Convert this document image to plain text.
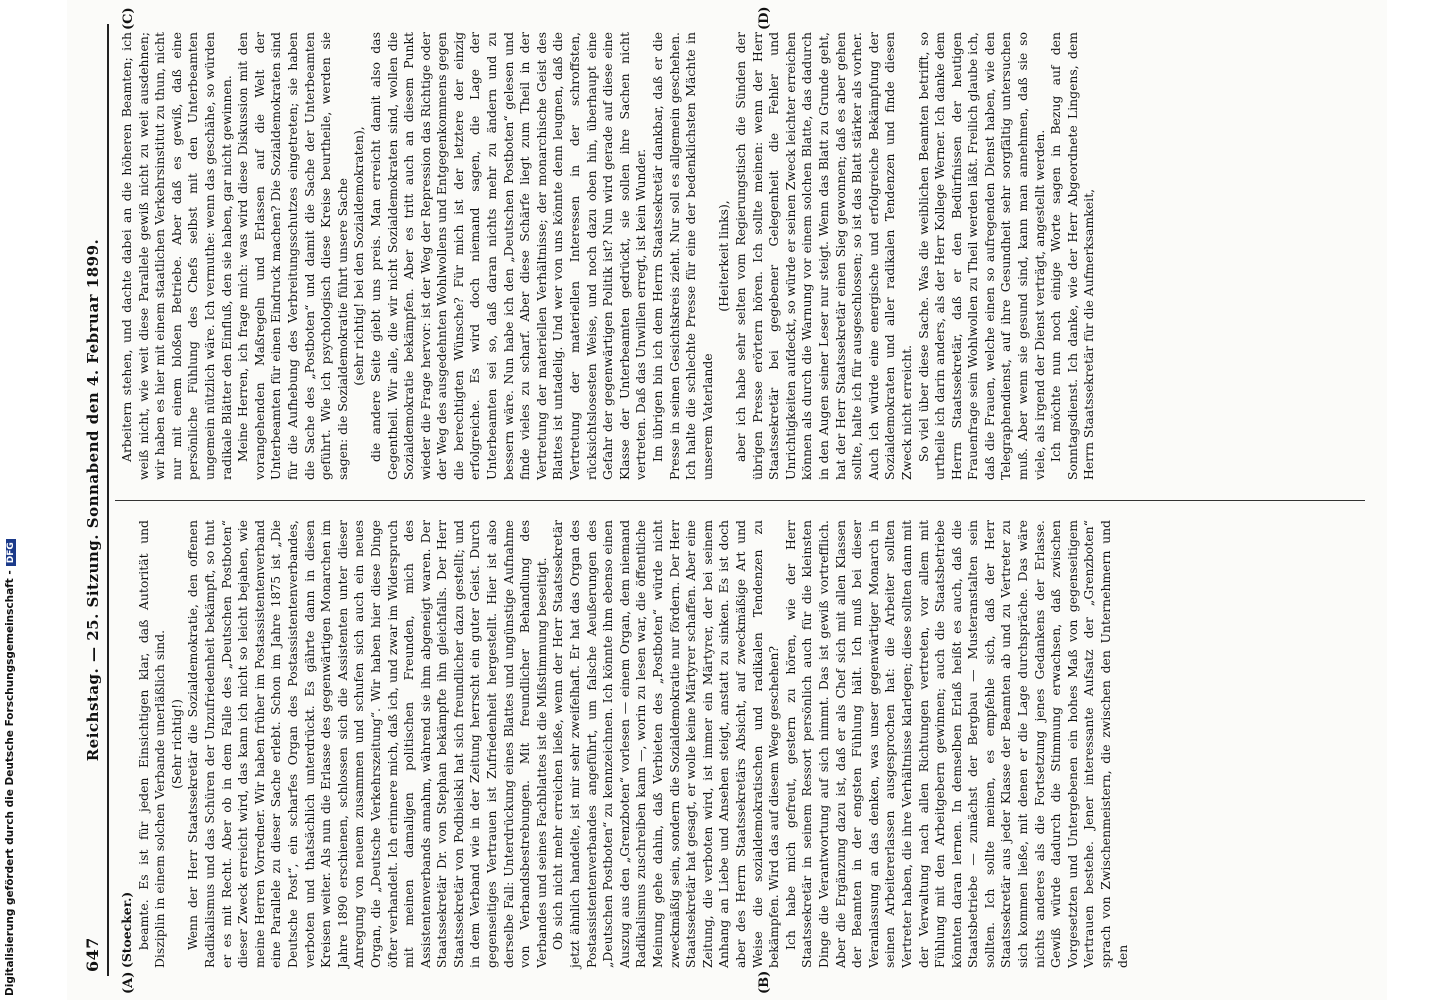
Reichstag. — 25. Sitzung. Sonnabend den 4. Februar 1899.
647 (Stoecker.) beamte. Es ist für jeden Einsichtigen klar, daß Autorität und Disziplin in einem solchen Verbande unerläßlich sind. (Sehr richtig!) Wenn der Herr Staatssekretär die Sozialdemokratie, den offenen Radikalismus und das Schüren der Unzufriedenheit bekämpft, so thut er es mit Recht. Aber ob in dem Falle des „Deutschen Postboten“ dieser Zweck erreicht wird, das kann ich nicht so leicht bejahen, wie meine Herren Vorredner. Wir haben früher im Postassistentenverband eine Parallele zu dieser Sache erlebt. Schon im Jahre 1875 ist „Die Deutsche Post“, ein scharfes Organ des Postassistentenverbandes, verboten und thatsächlich unterdrückt. Es gährte dann in diesen Kreisen weiter. Als nun die Erlasse des gegenwärtigen Monarchen im Jahre 1890 erschienen, schlossen sich die Assistenten unter dieser Anregung von neuem zusammen und schufen sich auch ein neues Organ, die „Deutsche Verkehrszeitung“. Wir haben hier diese Dinge öfter verhandelt. Ich erinnere mich, daß ich, und zwar im Widerspruch mit meinen damaligen politischen Freunden, mich des Assistentenverbands annahm, während sie ihm abgeneigt waren. Der Staatssekretär Dr. von Stephan bekämpfte ihn gleichfalls. Der Herr Staatssekretär von Podbielski hat sich freundlicher dazu gestellt; und in dem Verband wie in der Zeitung herrscht ein guter Geist. Durch gegenseitiges Vertrauen ist Zufriedenheit hergestellt. Hier ist also derselbe Fall: Unterdrückung eines Blattes und ungünstige Aufnahme von Verbandsbestrebungen. Mit freundlicher Behandlung des Verbandes und seines Fachblattes ist die Mißstimmung beseitigt. Ob sich nicht mehr erreichen ließe, wenn der Herr Staatssekretär jetzt ähnlich handelte, ist mir sehr zweifelhaft. Er hat das Organ des Postassistentenverbandes angeführt, um falsche Aeußerungen des „Deutschen Postboten“ zu kennzeichnen. Ich könnte ihm ebenso einen Auszug aus den „Grenzboten“ vorlesen — einem Organ, dem niemand Radikalismus zuschreiben kann —, worin zu lesen war, die öffentliche Meinung gehe dahin, daß Verbieten des „Postboten“ würde nicht zweckmäßig sein, sondern die Sozialdemokratie nur fördern. Der Herr Staatssekretär hat gesagt, er wolle keine Märtyrer schaffen. Aber eine Zeitung, die verboten wird, ist immer ein Märtyrer, der bei seinem Anhang an Liebe und Ansehen steigt, anstatt zu sinken. Es ist doch aber des Herrn Staatssekretärs Absicht, auf zweckmäßige Art und Weise die sozialdemokratischen und radikalen Tendenzen zu bekämpfen. Wird das auf diesem Wege geschehen? Ich habe mich gefreut, gestern zu hören, wie der Herr Staatssekretär in seinem Ressort persönlich auch für die kleinsten Dinge die Verantwortung auf sich nimmt. Das ist gewiß vortrefflich. Aber die Ergänzung dazu ist, daß er als Chef sich mit allen Klassen der Beamten in der engsten Fühlung hält. Ich muß bei dieser Veranlassung an das denken, was unser gegenwärtiger Monarch in seinen Arbeitererlassen ausgesprochen hat: die Arbeiter sollten Vertreter haben, die ihre Verhältnisse klarlegen; diese sollten dann mit der Verwaltung nach allen Richtungen vertreten, vor allem mit Fühlung mit den Arbeitgebern gewinnen; auch die Staatsbetriebe könnten daran lernen. In demselben Erlaß heißt es auch, daß die Staatsbetriebe — zunächst der Bergbau — Musteranstalten sein sollten. Ich sollte meinen, es empfehle sich, daß der Herr Staatssekretär aus jeder Klasse der Beamten ab und zu Vertreter zu sich kommen ließe, mit denen er die Lage durchspräche. Das wäre nichts anderes als die Fortsetzung jenes Gedankens der Erlasse. Gewiß würde dadurch die Stimmung erwachsen, daß zwischen Vorgesetzten und Untergebenen ein hohes Maß von gegenseitigem Vertrauen bestehe. Jener interessante Aufsatz der „Grenzboten“ sprach von Zwischenmeistern, die zwischen den Unternehmern und den

Arbeitern stehen, und dachte dabei an die höheren Beamten; ich weiß nicht, wie weit diese Parallele gewiß nicht zu weit ausdehnen; wir haben es hier mit einem staatlichen Verkehrsinstitut zu thun, nicht nur mit einem bloßen Betriebe. Aber daß es gewiß, daß eine persönliche Fühlung des Chefs selbst mit den Unterbeamten ungemein nützlich wäre. Ich vermuthe: wenn das geschähe, so würden radikale Blätter den Einfluß, den sie haben, gar nicht gewinnen. Meine Herren, ich frage mich: was wird diese Diskussion mit den vorangehenden Maßregeln und Erlassen auf die Welt der Unterbeamten für einen Eindruck machen? Die Sozialdemokraten sind für die Aufhebung des Verbreitungsschutzes eingetreten; sie haben die Sache des „Postboten“ und damit die Sache der Unterbeamten geführt. Wie ich psychologisch diese Kreise beurtheile, werden sie sagen: die Sozialdemokratie führt unsere Sache (sehr richtig! bei den Sozialdemokraten), die andere Seite giebt uns preis. Man erreicht damit also das Gegentheil. Wir alle, die wir nicht Sozialdemokraten sind, wollen die Sozialdemokratie bekämpfen. Aber es tritt auch an diesem Punkt wieder die Frage hervor: ist der Weg der Repression das Richtige oder der Weg des ausgedehnten Wohlwollens und Entgegenkommens gegen die berechtigten Wünsche? Für mich ist der letztere der einzig erfolgreiche. Es wird doch niemand sagen, die Lage der Unterbeamten sei so, daß daran nichts mehr zu ändern und zu bessern wäre. Nun habe ich den „Deutschen Postboten“ gelesen und finde vieles zu scharf. Aber diese Schärfe liegt zum Theil in der Vertretung der materiellen Verhältnisse; der monarchische Geist des Blattes ist untadelig. Und wer von uns könnte denn leugnen, daß die Vertretung der materiellen Interessen in der schroffsten, rücksichtslosesten Weise, und noch dazu oben hin, überhaupt eine Gefahr der gegenwärtigen Politik ist? Nun wird gerade auf diese eine Klasse der Unterbeamten gedrückt, sie sollen ihre Sachen nicht vertreten. Daß das Unwillen erregt, ist kein Wunder. Im übrigen bin ich dem Herrn Staatssekretär dankbar, daß er die Presse in seinen Gesichtskreis zieht. Nur soll es allgemein geschehen. Ich halte die schlechte Presse für eine der bedenklichsten Mächte in unserem Vaterlande

(Heiterkeit links), aber ich habe sehr selten vom Regierungstisch die Sünden der übrigen Presse erörtern hören. Ich sollte meinen: wenn der Herr Staatssekretär bei gegebener Gelegenheit die Fehler und Unrichtigkeiten aufdeckt, so würde er seinen Zweck leichter erreichen können als durch die Warnung vor einem solchen Blatte, das dadurch in den Augen seiner Leser nur steigt. Wenn das Blatt zu Grunde geht, hat der Herr Staatssekretär einen Sieg gewonnen; daß es aber gehen sollte, halte ich für ausgeschlossen; so ist das Blatt stärker als vorher. Auch ich würde eine energische und erfolgreiche Bekämpfung der Sozialdemokraten und aller radikalen Tendenzen und finde diesen Zweck nicht erreicht. So viel über diese Sache. Was die weiblichen Beamten betrifft, so urtheile ich darin anders, als der Herr Kollege Werner. Ich danke dem Herrn Staatssekretär, daß er den Bedürfnissen der heutigen Frauenfrage sein Wohlwollen zu Theil werden läßt. Freilich glaube ich, daß die Frauen, welche einen so aufregenden Dienst haben, wie den Telegraphendienst, auf ihre Gesundheit sehr sorgfältig untersuchen muß. Aber wenn sie gesund sind, kann man annehmen, daß sie so viele, als irgend der Dienst verträgt, angestellt werden. Ich möchte nun noch einige Worte sagen in Bezug auf den Sonntagsdienst. Ich danke, wie der Herr Abgeordnete Lingens, dem Herrn Staatssekretär für die Aufmerksamkeit,

(A)	(B)
(C)	(D)
Digitalisierung gefördert durch die Deutsche Forschungsgemeinschaft -DFG
